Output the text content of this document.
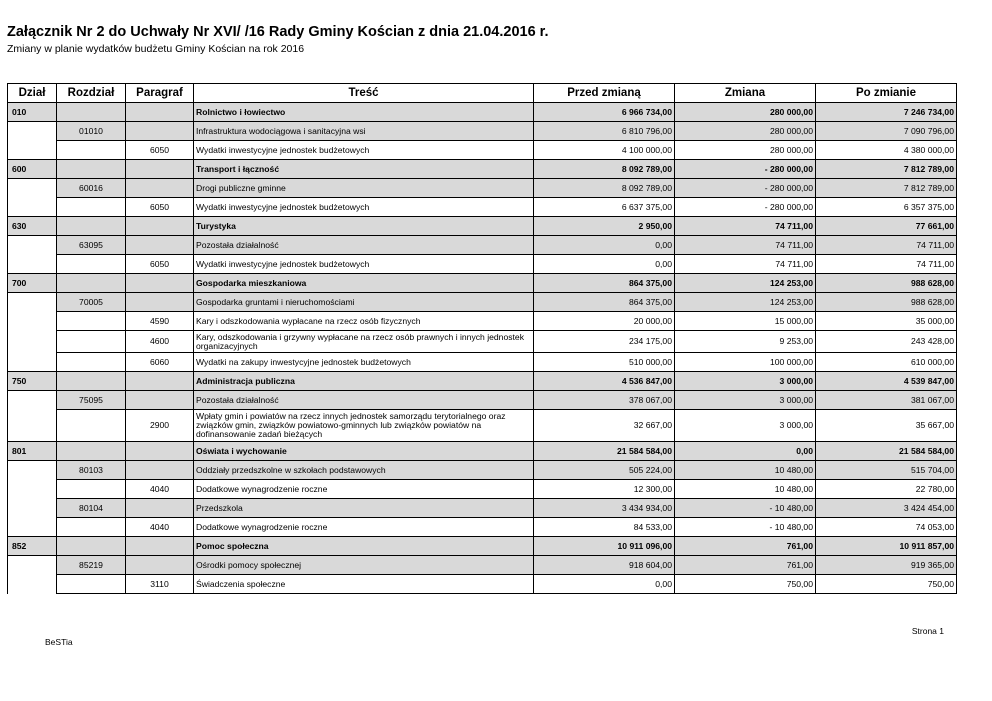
Załącznik Nr 2 do Uchwały Nr XVI/ /16 Rady Gminy Kościan z dnia 21.04.2016 r.
Zmiany w planie wydatków budżetu Gminy Kościan na rok 2016
Dział	Rozdział	Paragraf	Treść	Przed zmianą	Zmiana	Po zmianie
010			Rolnictwo i łowiectwo	6 966 734,00	280 000,00	7 246 734,00
	01010		Infrastruktura wodociągowa i sanitacyjna wsi	6 810 796,00	280 000,00	7 090 796,00
		6050	Wydatki inwestycyjne jednostek budżetowych	4 100 000,00	280 000,00	4 380 000,00
600			Transport i łączność	8 092 789,00	- 280 000,00	7 812 789,00
	60016		Drogi publiczne gminne	8 092 789,00	- 280 000,00	7 812 789,00
		6050	Wydatki inwestycyjne jednostek budżetowych	6 637 375,00	- 280 000,00	6 357 375,00
630			Turystyka	2 950,00	74 711,00	77 661,00
	63095		Pozostała działalność	0,00	74 711,00	74 711,00
		6050	Wydatki inwestycyjne jednostek budżetowych	0,00	74 711,00	74 711,00
700			Gospodarka mieszkaniowa	864 375,00	124 253,00	988 628,00
	70005		Gospodarka gruntami i nieruchomościami	864 375,00	124 253,00	988 628,00
		4590	Kary i odszkodowania wypłacane na rzecz osób fizycznych	20 000,00	15 000,00	35 000,00
		4600	Kary, odszkodowania i grzywny wypłacane na rzecz osób prawnych i innych jednostek organizacyjnych	234 175,00	9 253,00	243 428,00
		6060	Wydatki na zakupy inwestycyjne jednostek budżetowych	510 000,00	100 000,00	610 000,00
750			Administracja publiczna	4 536 847,00	3 000,00	4 539 847,00
	75095		Pozostała działalność	378 067,00	3 000,00	381 067,00
		2900	Wpłaty gmin i powiatów na rzecz innych jednostek samorządu terytorialnego oraz związków gmin, związków powiatowo-gminnych lub związków powiatów na dofinansowanie zadań bieżących	32 667,00	3 000,00	35 667,00
801			Oświata i wychowanie	21 584 584,00	0,00	21 584 584,00
	80103		Oddziały przedszkolne w szkołach podstawowych	505 224,00	10 480,00	515 704,00
		4040	Dodatkowe wynagrodzenie roczne	12 300,00	10 480,00	22 780,00
	80104		Przedszkola	3 434 934,00	- 10 480,00	3 424 454,00
		4040	Dodatkowe wynagrodzenie roczne	84 533,00	- 10 480,00	74 053,00
852			Pomoc społeczna	10 911 096,00	761,00	10 911 857,00
	85219		Ośrodki pomocy społecznej	918 604,00	761,00	919 365,00
		3110	Świadczenia społeczne	0,00	750,00	750,00
BeSTia
Strona 1
